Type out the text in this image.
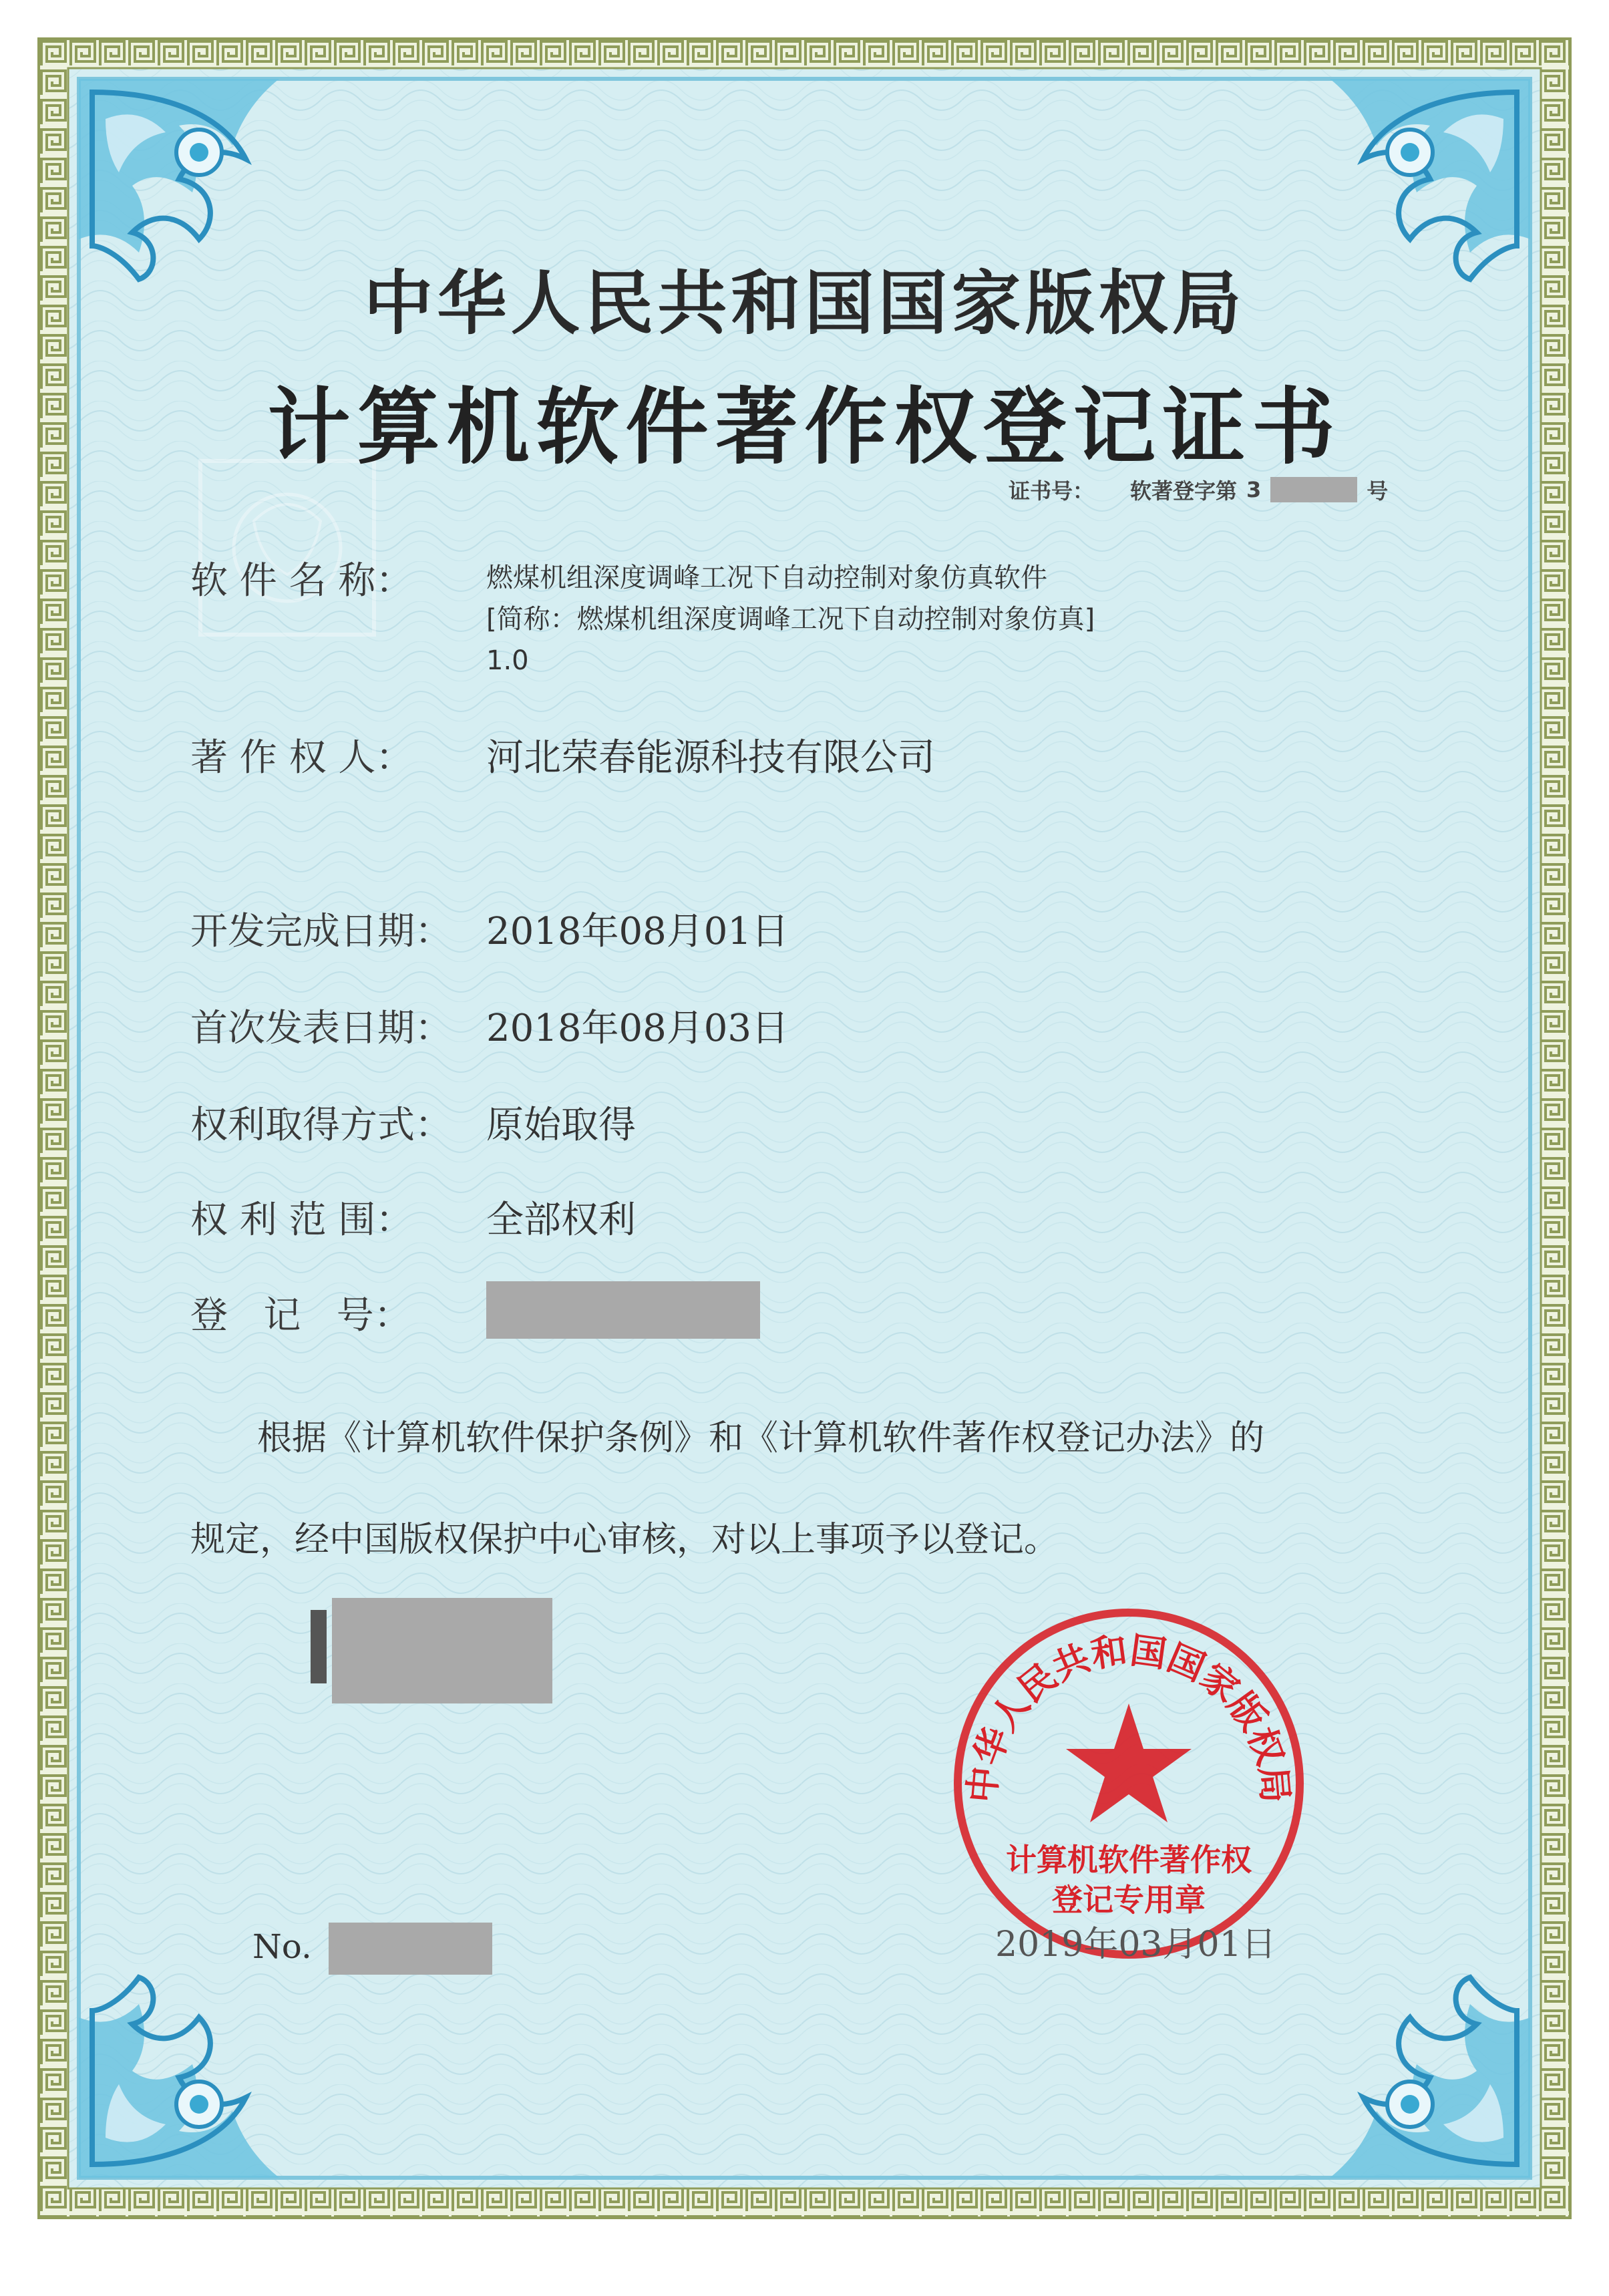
中华人民共和国国家版权局
计算机软件著作权登记证书
证书号： 软著登字第 3	号
软 件 名 称：	燃煤机组深度调峰工况下自动控制对象仿真软件
[简称：燃煤机组深度调峰工况下自动控制对象仿真]
1.0
著 作 权 人： 河北荣春能源科技有限公司
开发完成日期： 2018年08月01日
首次发表日期： 2018年08月03日
权利取得方式： 原始取得
权 利 范 围： 全部权利
登   记   号：
根据《计算机软件保护条例》和《计算机软件著作权登记办法》的
规定，经中国版权保护中心审核，对以上事项予以登记。
中华人民共和国国家版权局
计算机软件著作权
登记专用章
No.	2019年03月01日
